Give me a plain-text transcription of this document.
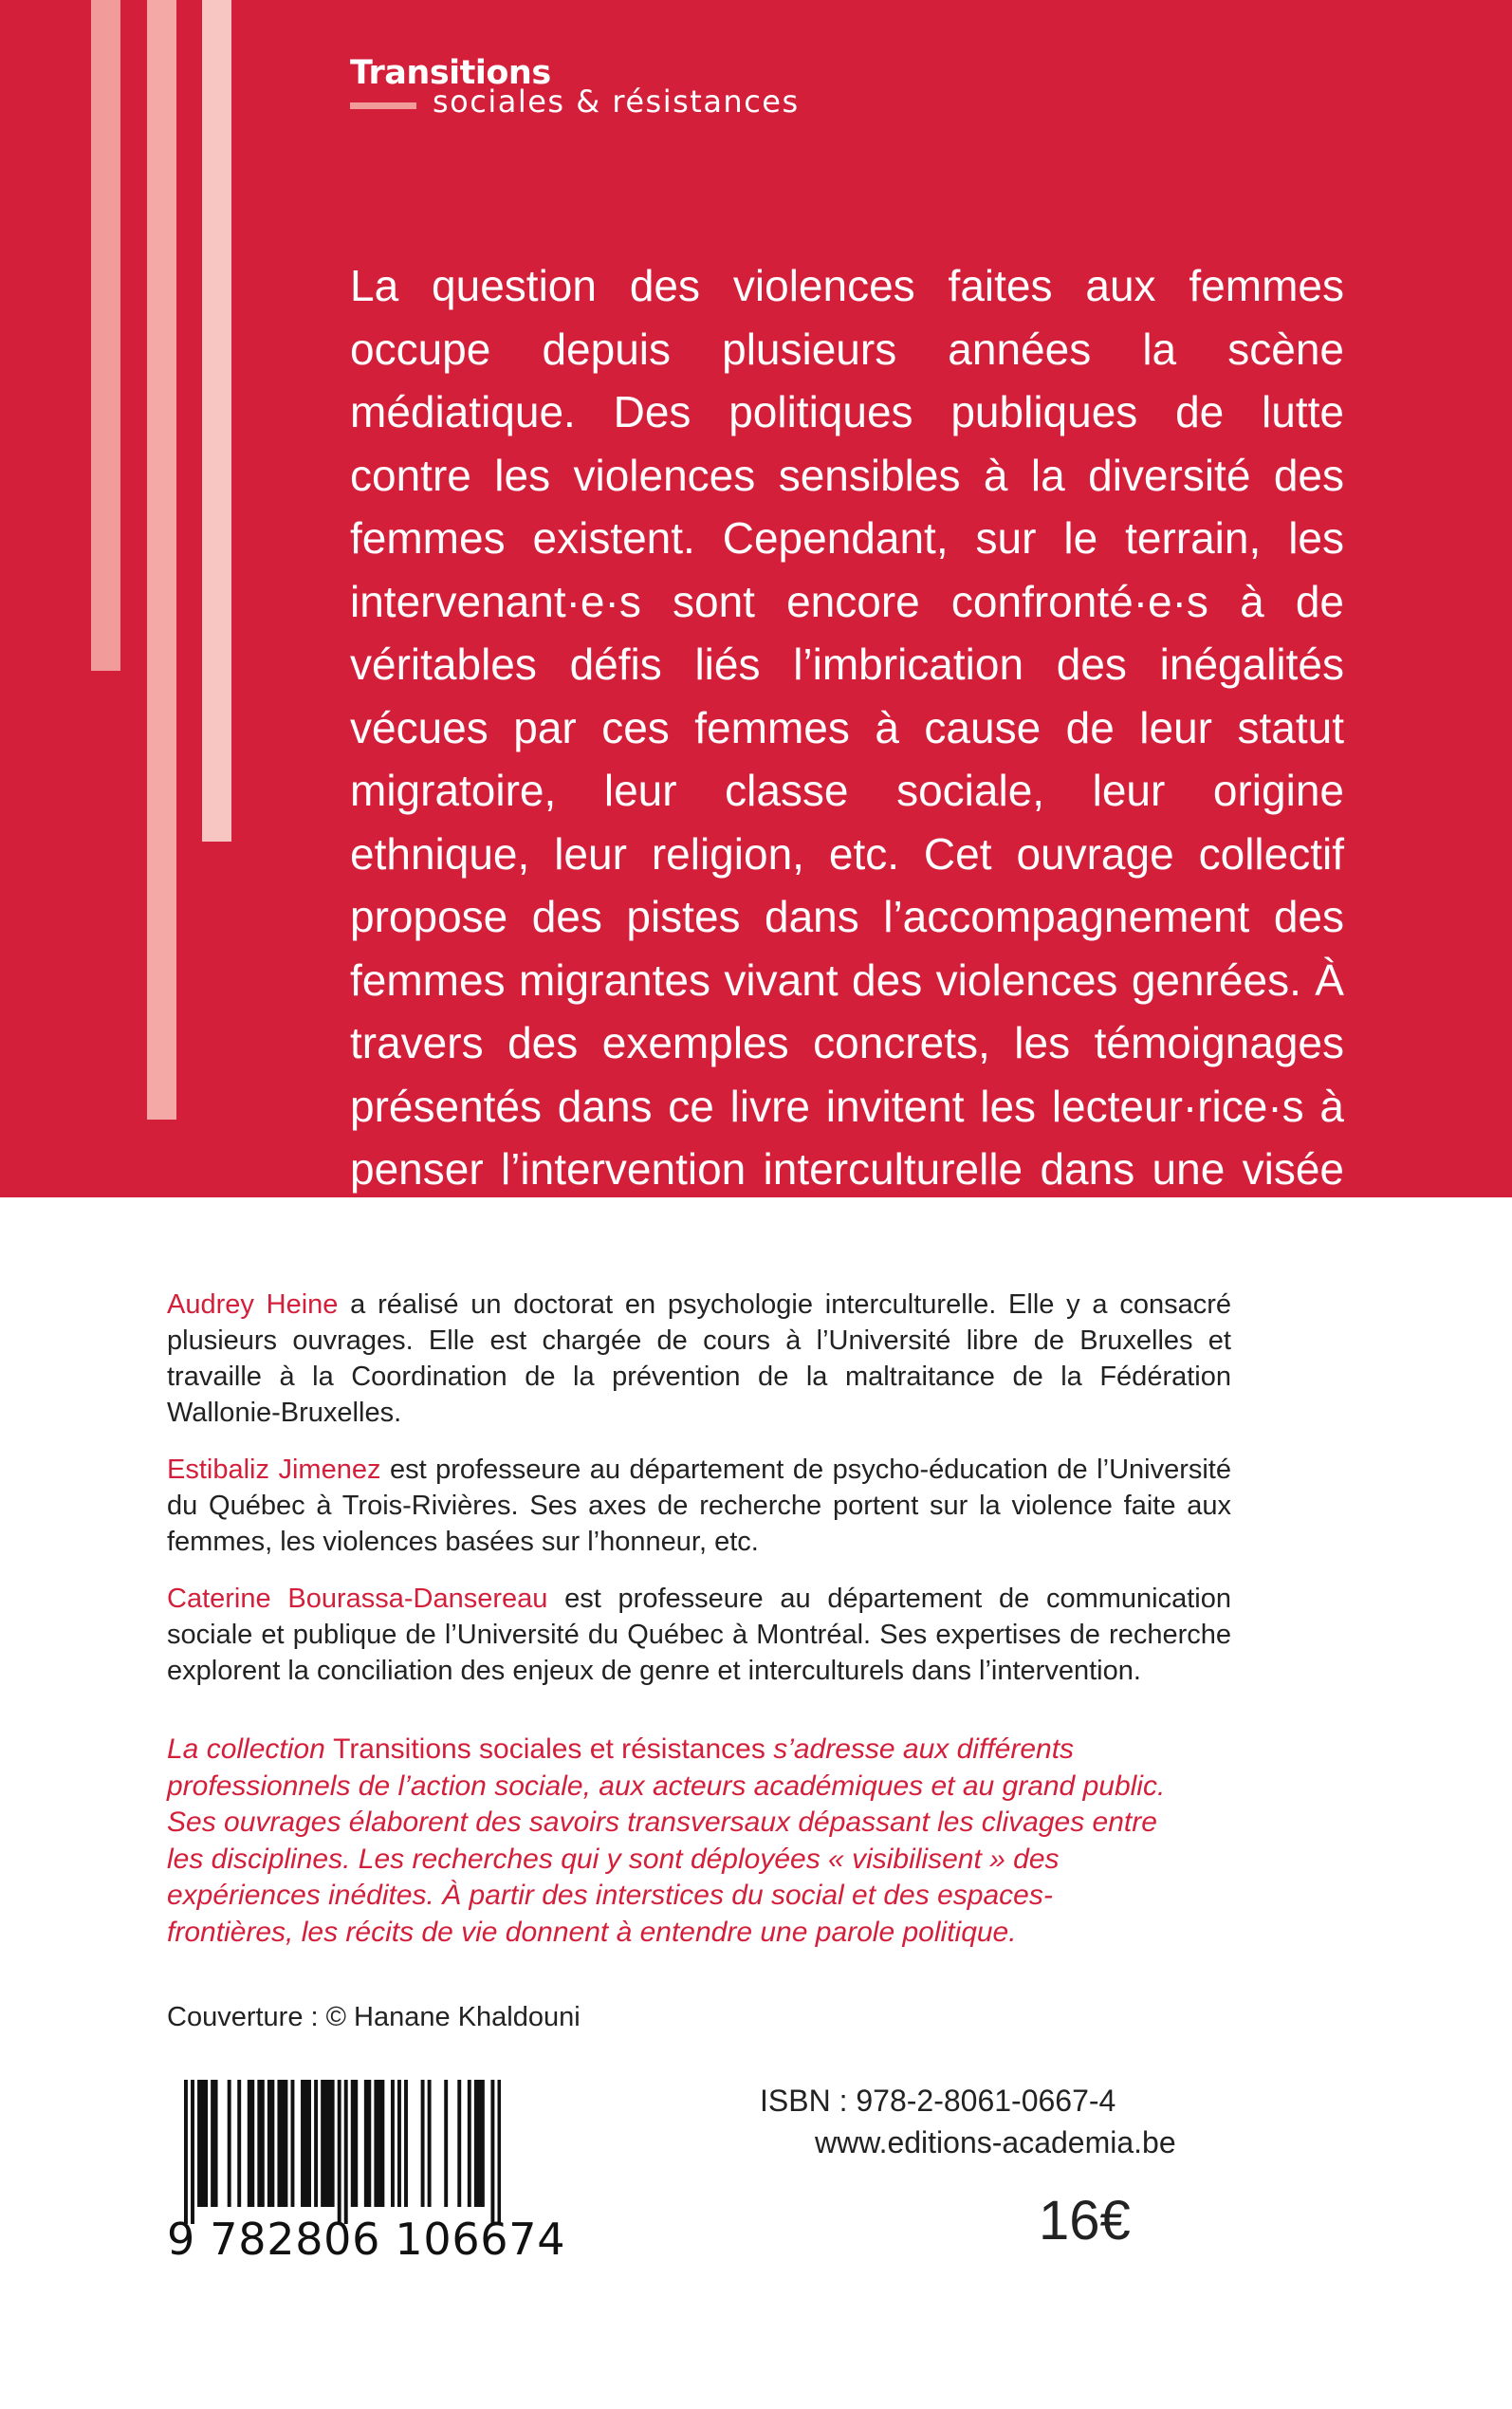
Transitions
sociales & résistances

La question des violences faites aux femmes occupe depuis plusieurs années la scène médiatique. Des politiques publiques de lutte contre les violences sensibles à la diversité des femmes existent. Cependant, sur le terrain, les intervenant·e·s sont encore confronté·e·s à de véritables défis liés l’imbrication des inégalités vécues par ces femmes à cause de leur statut migratoire, leur classe sociale, leur origine ethnique, leur religion, etc. Cet ouvrage collectif propose des pistes dans l’accompagnement des femmes migrantes vivant des violences genrées. À travers des exemples concrets, les témoignages présentés dans ce livre invitent les lecteur·rice·s à penser l’intervention interculturelle dans une visée féministe.

Audrey Heine a réalisé un doctorat en psychologie interculturelle. Elle y a consacré plusieurs ouvrages. Elle est chargée de cours à l’Université libre de Bruxelles et travaille à la Coordination de la prévention de la maltraitance de la Fédération Wallonie-Bruxelles.

Estibaliz Jimenez est professeure au département de psycho-éducation de l’Université du Québec à Trois-Rivières. Ses axes de recherche portent sur la violence faite aux femmes, les violences basées sur l’honneur, etc.

Caterine Bourassa-Dansereau est professeure au département de communication sociale et publique de l’Université du Québec à Montréal. Ses expertises de recherche explorent la conciliation des enjeux de genre et interculturels dans l’intervention.

La collection Transitions sociales et résistances s’adresse aux différents professionnels de l’action sociale, aux acteurs académiques et au grand public. Ses ouvrages élaborent des savoirs transversaux dépassant les clivages entre les disciplines. Les recherches qui y sont déployées « visibilisent » des expériences inédites. À partir des interstices du social et des espaces-frontières, les récits de vie donnent à entendre une parole politique.

Couverture : © Hanane Khaldouni

9 782806 106674

ISBN : 978-2-8061-0667-4

www.editions-academia.be

16€
